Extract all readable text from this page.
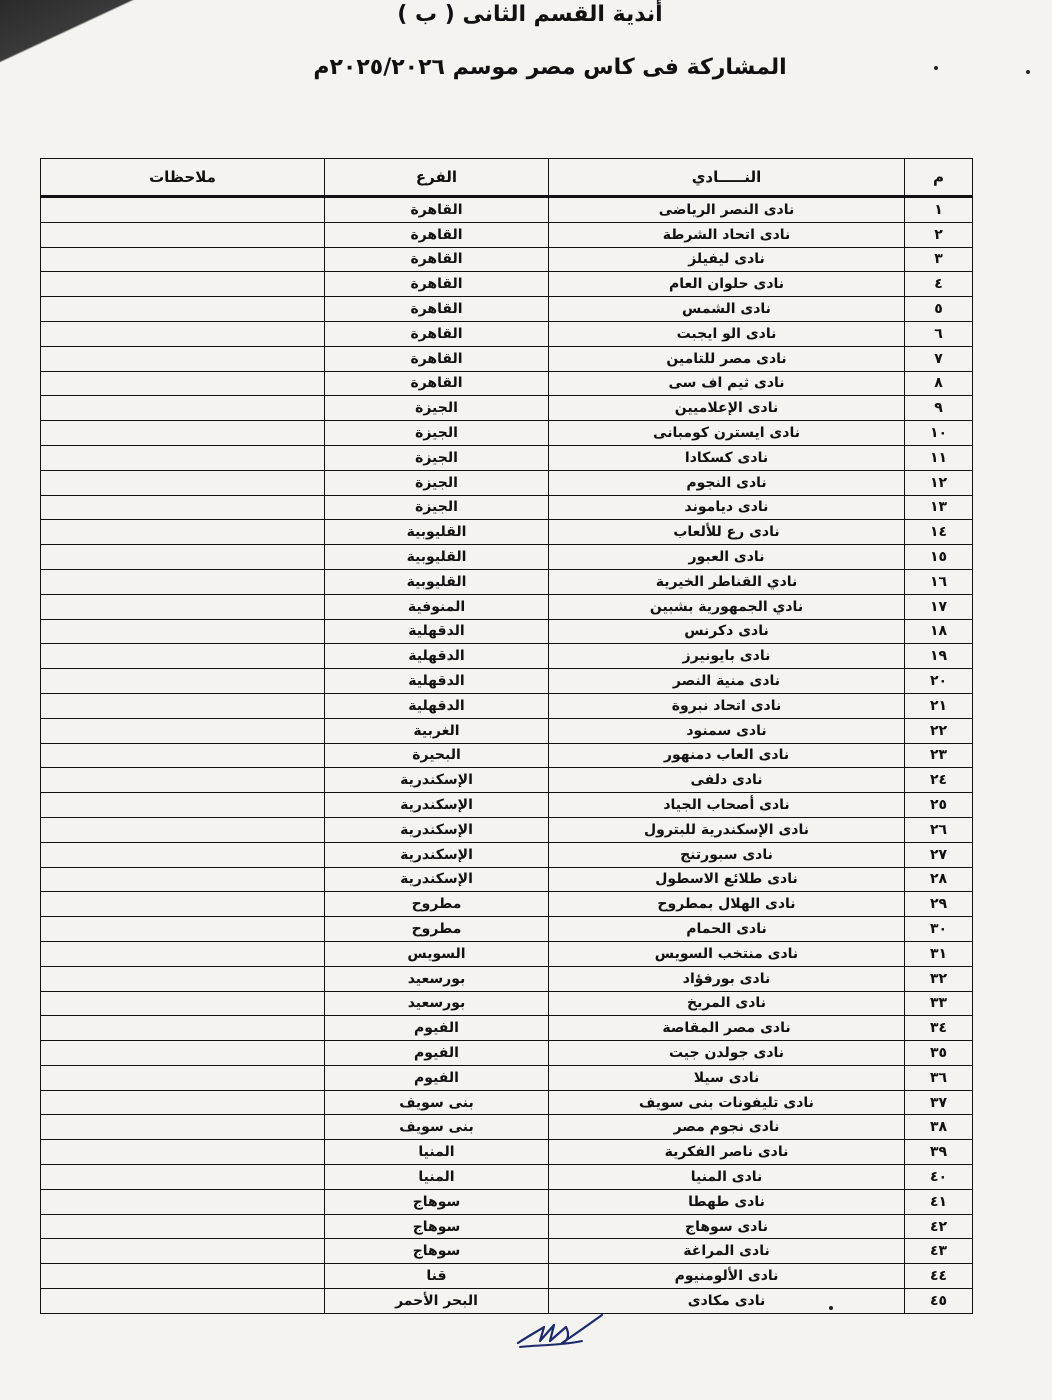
أندية القسم الثانى ( ب )
المشاركة فى كاس مصر موسم ٢٠٢٥/٢٠٢٦م
م	النـــــادي	الفرع	ملاحظات
١	نادى النصر الرياضى	القاهرة	
٢	نادى اتحاد الشرطة	القاهرة	
٣	نادى ليفيلز	القاهرة	
٤	نادى حلوان العام	القاهرة	
٥	نادى الشمس	القاهرة	
٦	نادى الو ايجبت	القاهرة	
٧	نادى مصر للتامين	القاهرة	
٨	نادى ثيم اف سى	القاهرة	
٩	نادى الإعلاميين	الجيزة	
١٠	نادى ايسترن كومبانى	الجيزة	
١١	نادى كسكادا	الجيزة	
١٢	نادى النجوم	الجيزة	
١٣	نادى دياموند	الجيزة	
١٤	نادى رع للألعاب	القليوبية	
١٥	نادى العبور	القليوبية	
١٦	نادي القناطر الخيرية	القليوبية	
١٧	نادي الجمهورية بشبين	المنوفية	
١٨	نادى دكرنس	الدقهلية	
١٩	نادى بايونيرز	الدقهلية	
٢٠	نادى منية النصر	الدقهلية	
٢١	نادى اتحاد نبروة	الدقهلية	
٢٢	نادى سمنود	الغربية	
٢٣	نادى العاب دمنهور	البحيرة	
٢٤	نادى دلفى	الإسكندرية	
٢٥	نادى أصحاب الجياد	الإسكندرية	
٢٦	نادى الإسكندرية للبترول	الإسكندرية	
٢٧	نادى سبورتنج	الإسكندرية	
٢٨	نادى طلائع الاسطول	الإسكندرية	
٢٩	نادى الهلال بمطروح	مطروح	
٣٠	نادى الحمام	مطروح	
٣١	نادى منتخب السويس	السويس	
٣٢	نادى بورفؤاد	بورسعيد	
٣٣	نادى المريخ	بورسعيد	
٣٤	نادى مصر المقاصة	الفيوم	
٣٥	نادى جولدن جيت	الفيوم	
٣٦	نادى سيلا	الفيوم	
٣٧	نادى تليفونات بنى سويف	بنى سويف	
٣٨	نادى نجوم مصر	بنى سويف	
٣٩	نادى ناصر الفكرية	المنيا	
٤٠	نادى المنيا	المنيا	
٤١	نادى طهطا	سوهاج	
٤٢	نادى سوهاج	سوهاج	
٤٣	نادى المراغة	سوهاج	
٤٤	نادى الألومنيوم	قنا	
٤٥	نادى مكادى	البحر الأحمر	
